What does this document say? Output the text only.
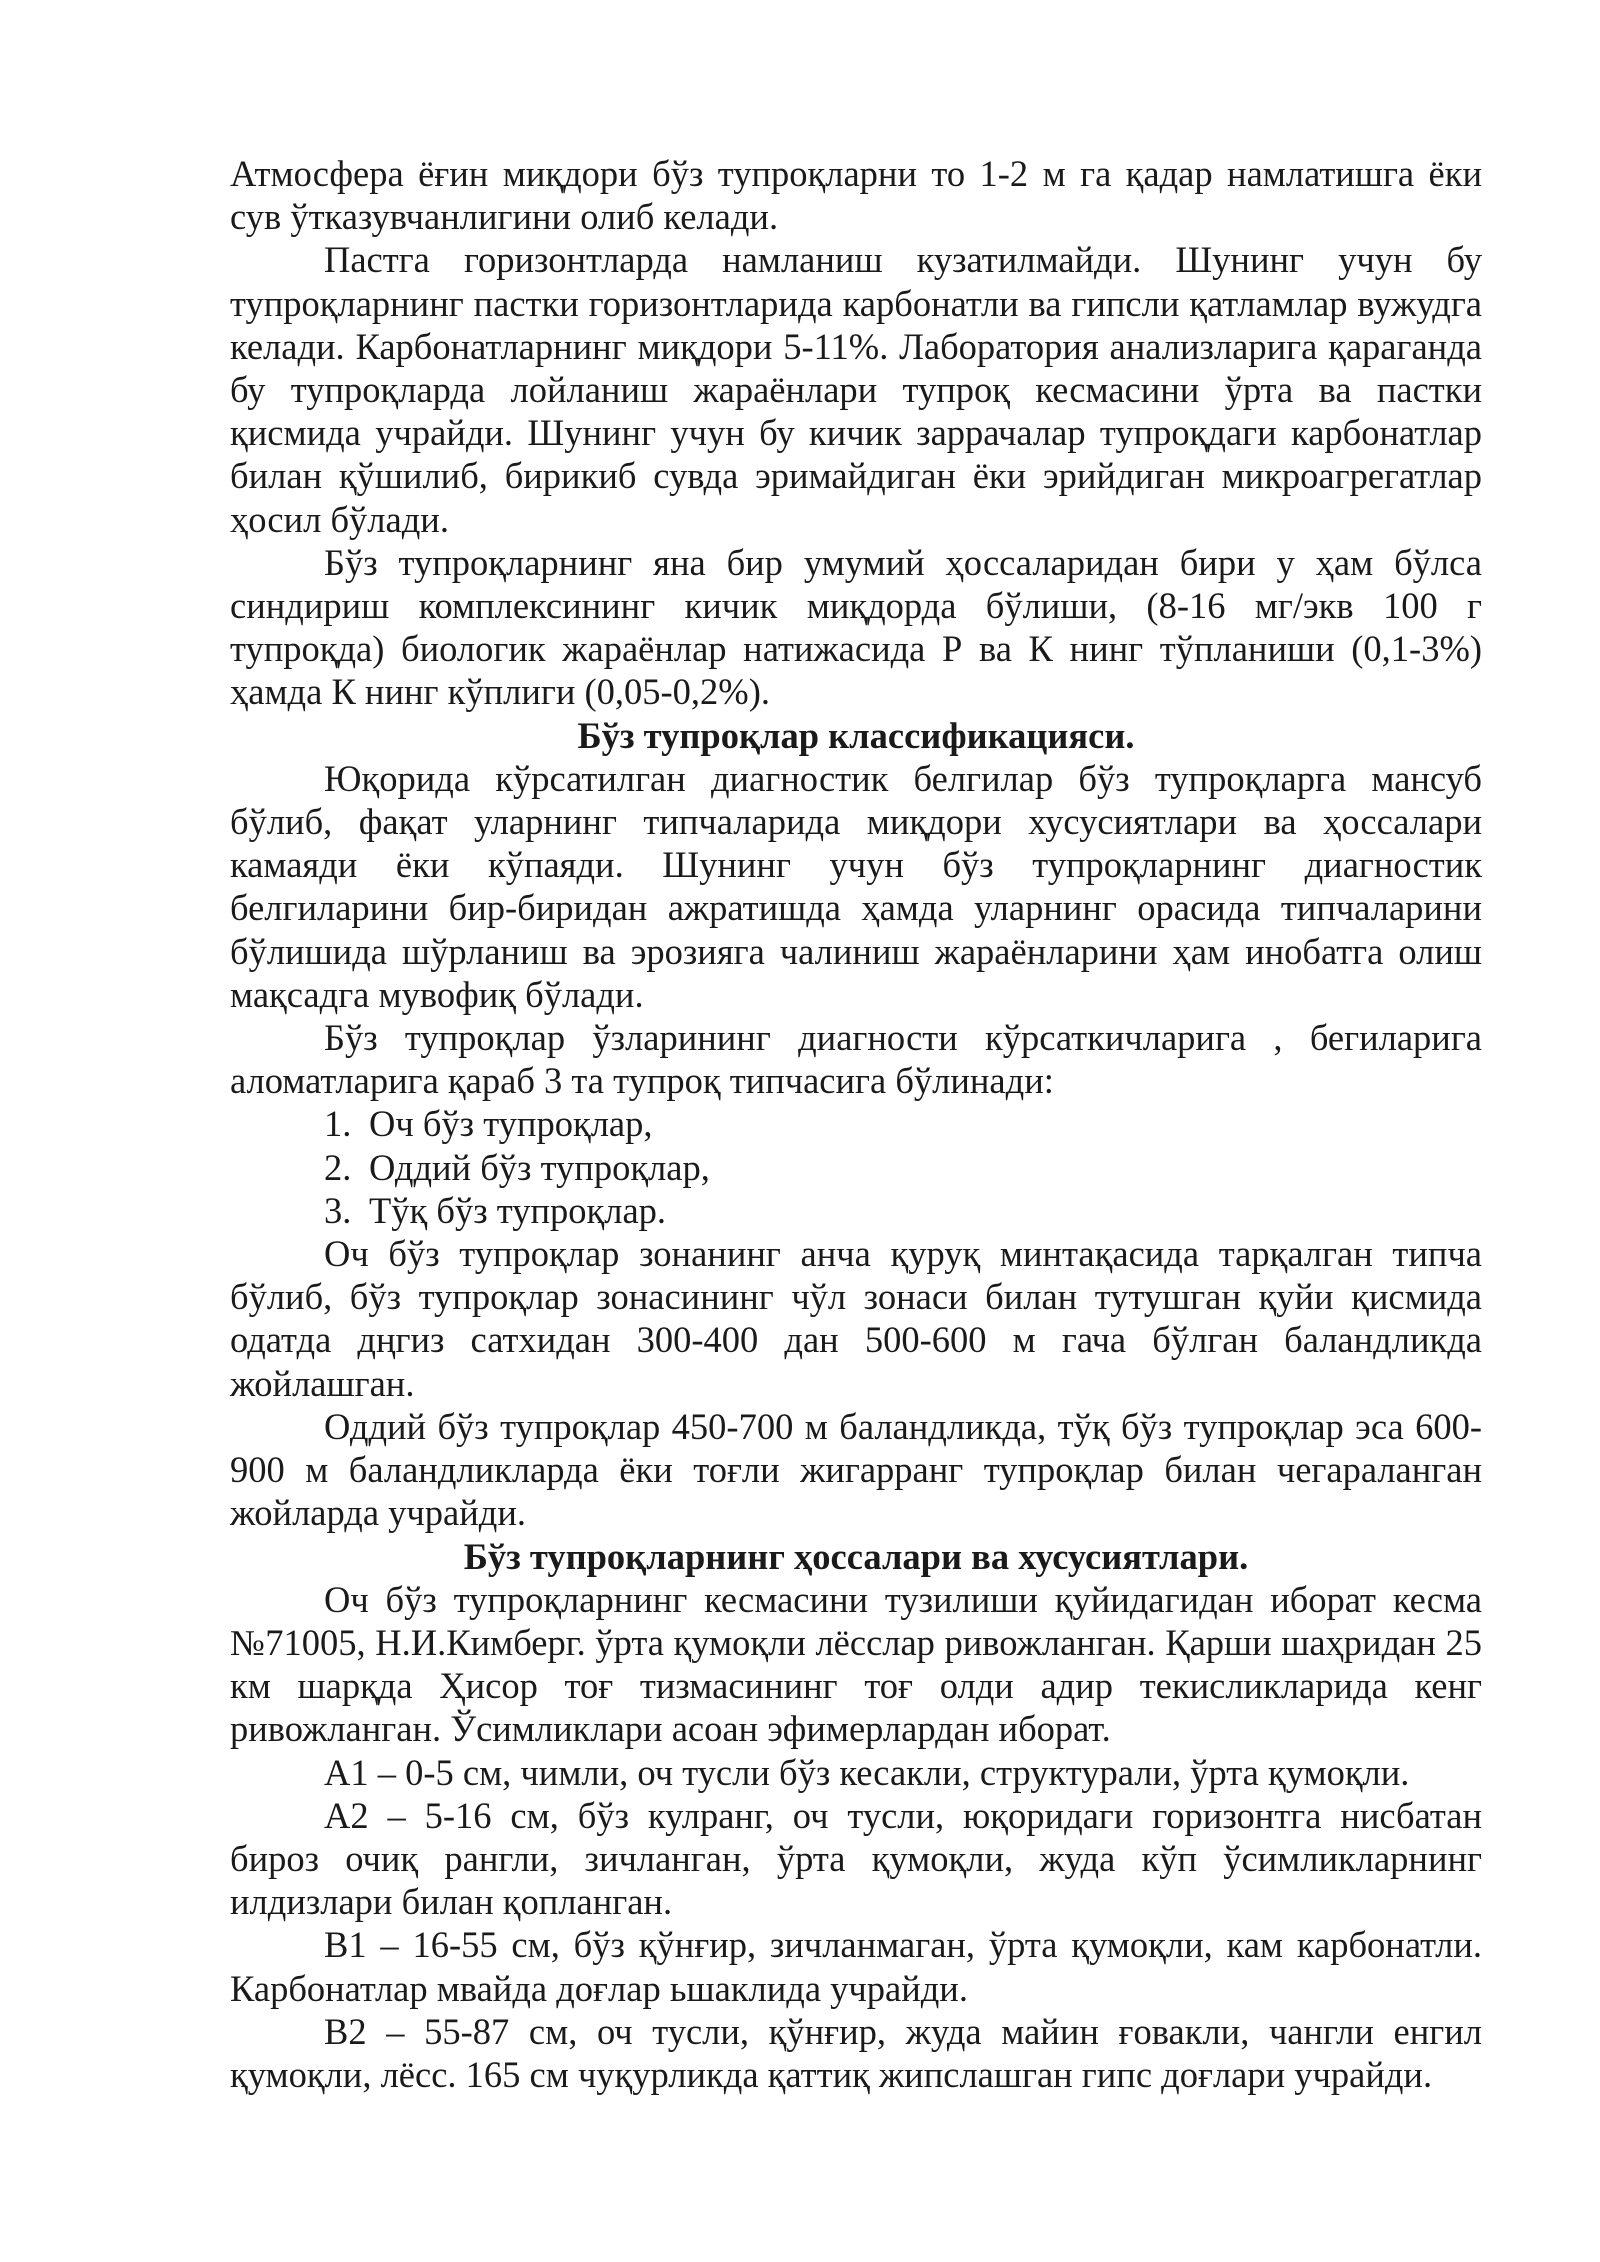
Атмосфера ёғин миқдори бўз тупроқларни то 1-2 м га қадар намлатишга ёки сув ўтказувчанлигини олиб келади.

Пастга горизонтларда намланиш кузатилмайди. Шунинг учун бу тупроқларнинг пастки горизонтларида карбонатли ва гипсли қатламлар вужудга келади. Карбонатларнинг миқдори 5-11%. Лаборатория анализларига қараганда бу тупроқларда лойланиш жараёнлари тупроқ кесмасини ўрта ва пастки қисмида учрайди. Шунинг учун бу кичик заррачалар тупроқдаги карбонатлар билан қўшилиб, бирикиб сувда эримайдиган ёки эрийдиган микроагрегатлар ҳосил бўлади.

Бўз тупроқларнинг яна бир умумий ҳоссаларидан бири у ҳам бўлса синдириш комплексининг кичик миқдорда бўлиши, (8-16 мг/экв 100 г тупроқда) биологик жараёнлар натижасида Р ва К нинг тўпланиши (0,1-3%) ҳамда К нинг кўплиги (0,05-0,2%).

Бўз тупроқлар классификацияси.

Юқорида кўрсатилган диагностик белгилар бўз тупроқларга мансуб бўлиб, фақат уларнинг типчаларида миқдори хусусиятлари ва ҳоссалари камаяди ёки кўпаяди. Шунинг учун бўз тупроқларнинг диагностик белгиларини бир-биридан ажратишда ҳамда уларнинг орасида типчаларини бўлишида шўрланиш ва эрозияга чалиниш жараёнларини ҳам инобатга олиш мақсадга мувофиқ бўлади.

Бўз тупроқлар ўзларининг диагности кўрсаткичларига , бегиларига аломатларига қараб 3 та тупроқ типчасига бўлинади:

1. Оч бўз тупроқлар,
2. Оддий бўз тупроқлар,
3. Тўқ бўз тупроқлар.

Оч бўз тупроқлар зонанинг анча қуруқ минтақасида тарқалган типча бўлиб, бўз тупроқлар зонасининг чўл зонаси билан тутушган қуйи қисмида одатда дңгиз сатхидан 300-400 дан 500-600 м гача бўлган баландликда жойлашган.

Оддий бўз тупроқлар 450-700 м баландликда, тўқ бўз тупроқлар эса 600-900 м баландликларда ёки тоғли жигарранг тупроқлар билан чегараланган жойларда учрайди.

Бўз тупроқларнинг ҳоссалари ва хусусиятлари.

Оч бўз тупроқларнинг кесмасини тузилиши қуйидагидан иборат кесма №71005, Н.И.Кимберг. ўрта қумоқли лёсслар ривожланган. Қарши шаҳридан 25 км шарқда Ҳисор тоғ тизмасининг тоғ олди адир текисликларида кенг ривожланган. Ўсимликлари асоан эфимерлардан иборат.

А1 – 0-5 см, чимли, оч тусли бўз кесакли, структурали, ўрта қумоқли.

А2 – 5-16 см, бўз кулранг, оч тусли, юқоридаги горизонтга нисбатан бироз очиқ рангли, зичланган, ўрта қумоқли, жуда кўп ўсимликларнинг илдизлари билан қопланган.

В1 – 16-55 см, бўз қўнғир, зичланмаган, ўрта қумоқли, кам карбонатли. Карбонатлар мвайда доғлар ьшаклида учрайди.

В2 – 55-87 см, оч тусли, қўнғир, жуда майин ғовакли, чангли енгил қумоқли, лёсс. 165 см чуқурликда қаттиқ жипслашган гипс доғлари учрайди.
